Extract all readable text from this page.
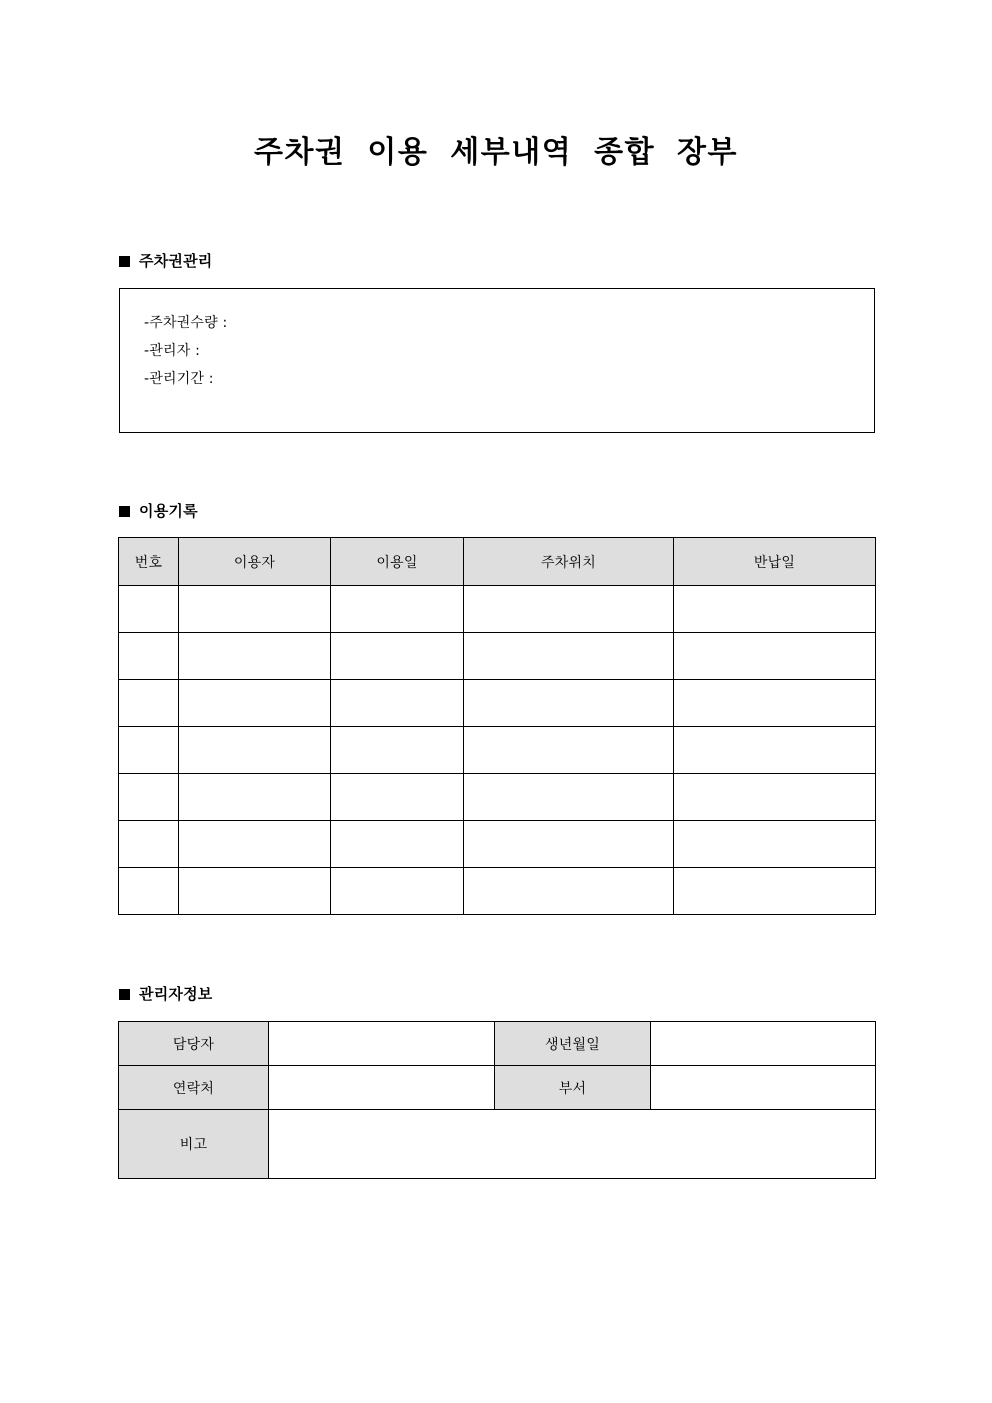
주차권 이용 세부내역 종합 장부
주차권관리
-주차권수량 :
-관리자 :
-관리기간 :
이용기록
번호	이용자	이용일	주차위치	반납일

관리자정보
담당자		생년월일	
연락처		부서	
비고			
